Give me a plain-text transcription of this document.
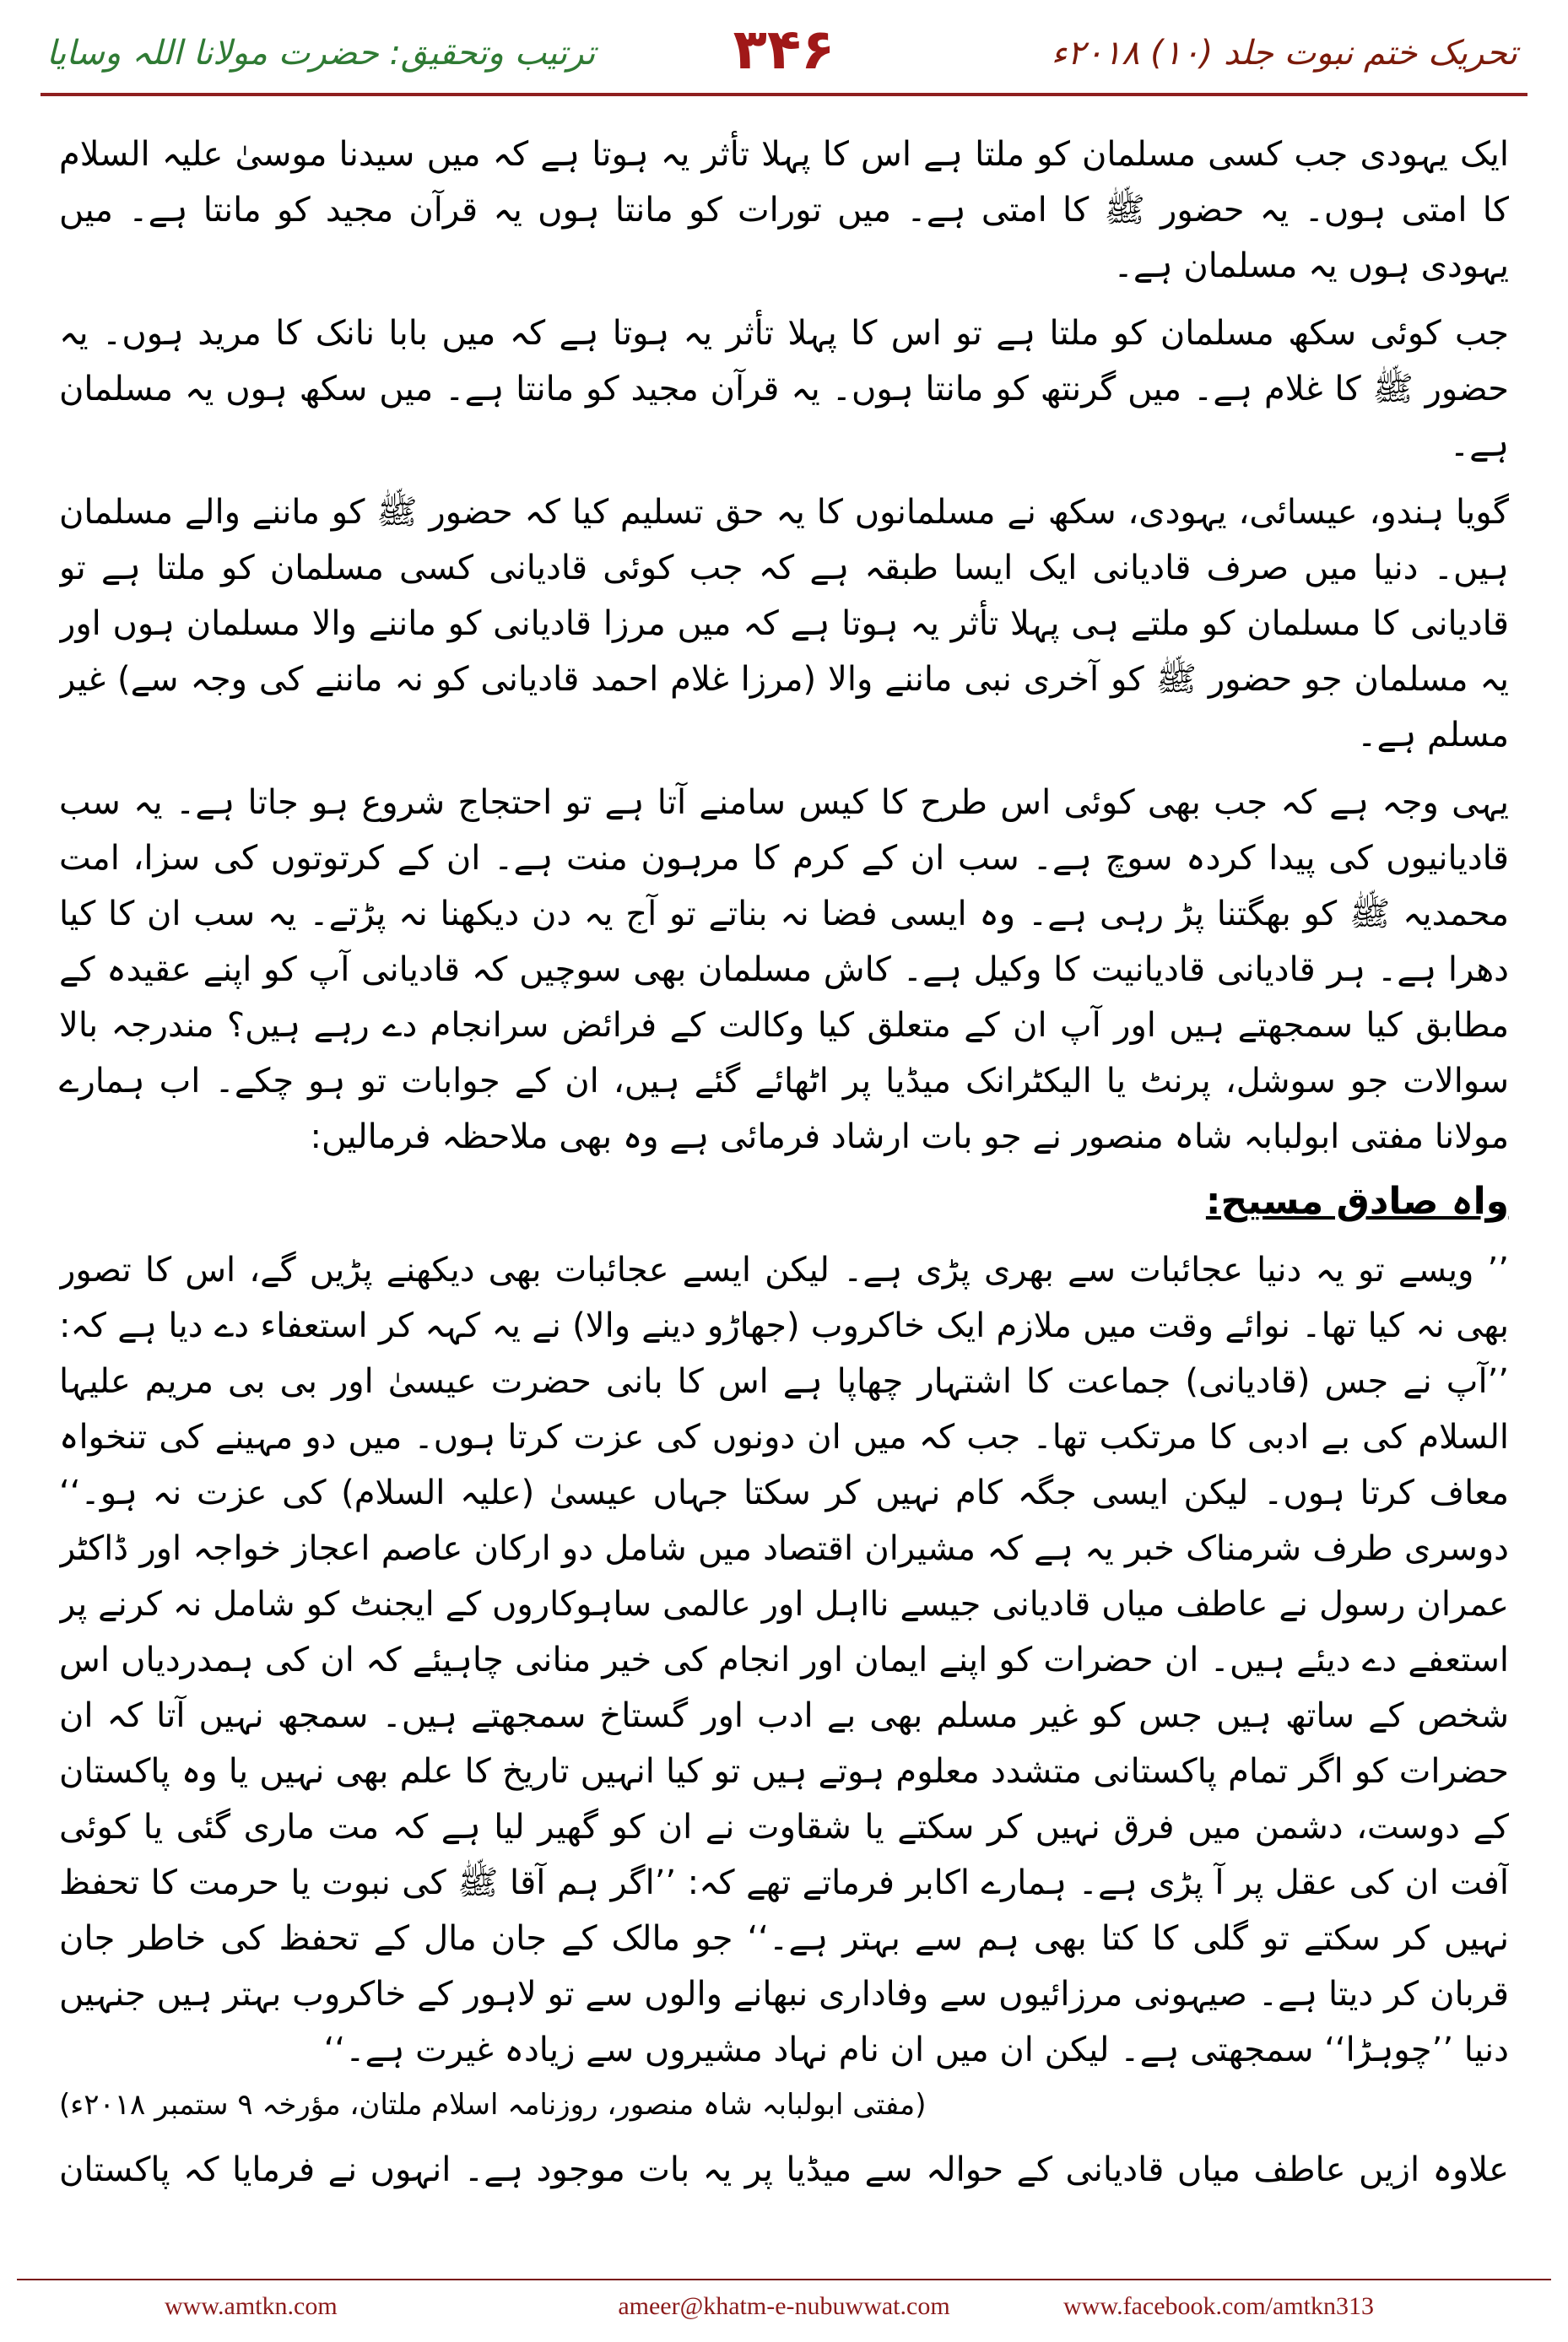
تحریک ختم نبوت جلد (۱۰) ۲۰۱۸ء
۳۴۶
ترتیب وتحقیق: حضرت مولانا اللہ وسایا

ایک یہودی جب کسی مسلمان کو ملتا ہے اس کا پہلا تأثر یہ ہوتا ہے کہ میں سیدنا موسیٰ علیہ السلام کا امتی ہوں۔ یہ حضور ﷺ کا امتی ہے۔ میں تورات کو مانتا ہوں یہ قرآن مجید کو مانتا ہے۔ میں یہودی ہوں یہ مسلمان ہے۔

جب کوئی سکھ مسلمان کو ملتا ہے تو اس کا پہلا تأثر یہ ہوتا ہے کہ میں بابا نانک کا مرید ہوں۔ یہ حضور ﷺ کا غلام ہے۔ میں گرنتھ کو مانتا ہوں۔ یہ قرآن مجید کو مانتا ہے۔ میں سکھ ہوں یہ مسلمان ہے۔

گویا ہندو، عیسائی، یہودی، سکھ نے مسلمانوں کا یہ حق تسلیم کیا کہ حضور ﷺ کو ماننے والے مسلمان ہیں۔ دنیا میں صرف قادیانی ایک ایسا طبقہ ہے کہ جب کوئی قادیانی کسی مسلمان کو ملتا ہے تو قادیانی کا مسلمان کو ملتے ہی پہلا تأثر یہ ہوتا ہے کہ میں مرزا قادیانی کو ماننے والا مسلمان ہوں اور یہ مسلمان جو حضور ﷺ کو آخری نبی ماننے والا (مرزا غلام احمد قادیانی کو نہ ماننے کی وجہ سے) غیر مسلم ہے۔

یہی وجہ ہے کہ جب بھی کوئی اس طرح کا کیس سامنے آتا ہے تو احتجاج شروع ہو جاتا ہے۔ یہ سب قادیانیوں کی پیدا کردہ سوچ ہے۔ سب ان کے کرم کا مرہون منت ہے۔ ان کے کرتوتوں کی سزا، امت محمدیہ ﷺ کو بھگتنا پڑ رہی ہے۔ وہ ایسی فضا نہ بناتے تو آج یہ دن دیکھنا نہ پڑتے۔ یہ سب ان کا کیا دھرا ہے۔ ہر قادیانی قادیانیت کا وکیل ہے۔ کاش مسلمان بھی سوچیں کہ قادیانی آپ کو اپنے عقیدہ کے مطابق کیا سمجھتے ہیں اور آپ ان کے متعلق کیا وکالت کے فرائض سرانجام دے رہے ہیں؟ مندرجہ بالا سوالات جو سوشل، پرنٹ یا الیکٹرانک میڈیا پر اٹھائے گئے ہیں، ان کے جوابات تو ہو چکے۔ اب ہمارے مولانا مفتی ابولبابہ شاہ منصور نے جو بات ارشاد فرمائی ہے وہ بھی ملاحظہ فرمالیں:

واہ صادق مسیح:

’’ ویسے تو یہ دنیا عجائبات سے بھری پڑی ہے۔ لیکن ایسے عجائبات بھی دیکھنے پڑیں گے، اس کا تصور بھی نہ کیا تھا۔ نوائے وقت میں ملازم ایک خاکروب (جھاڑو دینے والا) نے یہ کہہ کر استعفاء دے دیا ہے کہ: ’’آپ نے جس (قادیانی) جماعت کا اشتہار چھاپا ہے اس کا بانی حضرت عیسیٰ اور بی بی مریم علیہا السلام کی بے ادبی کا مرتکب تھا۔ جب کہ میں ان دونوں کی عزت کرتا ہوں۔ میں دو مہینے کی تنخواہ معاف کرتا ہوں۔ لیکن ایسی جگہ کام نہیں کر سکتا جہاں عیسیٰ (علیہ السلام) کی عزت نہ ہو۔‘‘ دوسری طرف شرمناک خبر یہ ہے کہ مشیران اقتصاد میں شامل دو ارکان عاصم اعجاز خواجہ اور ڈاکٹر عمران رسول نے عاطف میاں قادیانی جیسے نااہل اور عالمی ساہوکاروں کے ایجنٹ کو شامل نہ کرنے پر استعفے دے دیئے ہیں۔ ان حضرات کو اپنے ایمان اور انجام کی خیر منانی چاہیئے کہ ان کی ہمدردیاں اس شخص کے ساتھ ہیں جس کو غیر مسلم بھی بے ادب اور گستاخ سمجھتے ہیں۔ سمجھ نہیں آتا کہ ان حضرات کو اگر تمام پاکستانی متشدد معلوم ہوتے ہیں تو کیا انہیں تاریخ کا علم بھی نہیں یا وہ پاکستان کے دوست، دشمن میں فرق نہیں کر سکتے یا شقاوت نے ان کو گھیر لیا ہے کہ مت ماری گئی یا کوئی آفت ان کی عقل پر آ پڑی ہے۔ ہمارے اکابر فرماتے تھے کہ: ’’اگر ہم آقا ﷺ کی نبوت یا حرمت کا تحفظ نہیں کر سکتے تو گلی کا کتا بھی ہم سے بہتر ہے۔‘‘ جو مالک کے جان مال کے تحفظ کی خاطر جان قربان کر دیتا ہے۔ صیہونی مرزائیوں سے وفاداری نبھانے والوں سے تو لاہور کے خاکروب بہتر ہیں جنہیں دنیا ’’چوہڑا‘‘ سمجھتی ہے۔ لیکن ان میں ان نام نہاد مشیروں سے زیادہ غیرت ہے۔‘‘

(مفتی ابولبابہ شاہ منصور، روزنامہ اسلام ملتان، مؤرخہ ۹ ستمبر ۲۰۱۸ء)

علاوہ ازیں عاطف میاں قادیانی کے حوالہ سے میڈیا پر یہ بات موجود ہے۔ انہوں نے فرمایا کہ پاکستان

www.amtkn.com	ameer@khatm-e-nubuwwat.com	www.facebook.com/amtkn313
